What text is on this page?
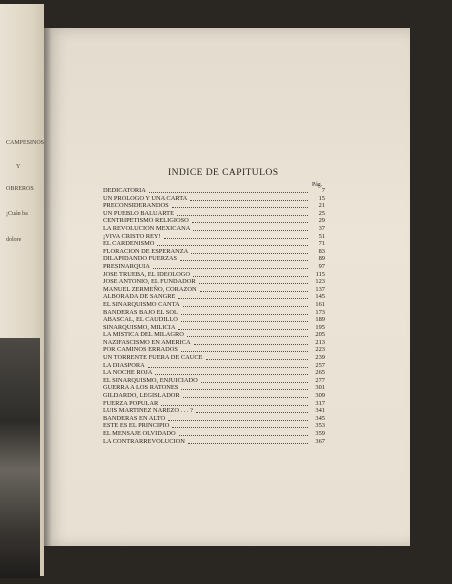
CAMPESINOS
Y
OBREROS
¡Cuán ba
dolore
INDICE DE CAPITULOS
Pág.
DEDICATORIA	7
UN PROLOGO Y UNA CARTA	15
PRECONSIDERANDOS	21
UN PUEBLO BALUARTE	25
CENTRIPETISMO RELIGIOSO	29
LA REVOLUCION MEXICANA	37
¡VIVA CRISTO REY!	51
EL CARDENISMO	71
FLORACION DE ESPERANZA	83
DILAPIDANDO FUERZAS	89
PRESINARQUIA	97
JOSE TRUEBA, EL IDEOLOGO	115
JOSE ANTONIO, EL FUNDADOR	123
MANUEL ZERMEÑO, CORAZON	137
ALBORADA DE SANGRE	145
EL SINARQUISMO CANTA	161
BANDERAS BAJO EL SOL	173
ABASCAL, EL CAUDILLO	189
SINARQUISMO, MILICIA	195
LA MISTICA DEL MILAGRO	205
NAZIFASCISMO EN AMERICA	213
POR CAMINOS ERRADOS	223
UN TORRENTE FUERA DE CAUCE	239
LA DIASPORA	257
LA NOCHE ROJA	265
EL SINARQUISMO, ENJUICIADO	277
GUERRA A LOS RATONES	301
GILDARDO, LEGISLADOR	309
FUERZA POPULAR	317
LUIS MARTINEZ NAREZO . . . ?	341
BANDERAS EN ALTO	345
ESTE ES EL PRINCIPIO	353
EL MENSAJE OLVIDADO	359
LA CONTRARREVOLUCION	367
